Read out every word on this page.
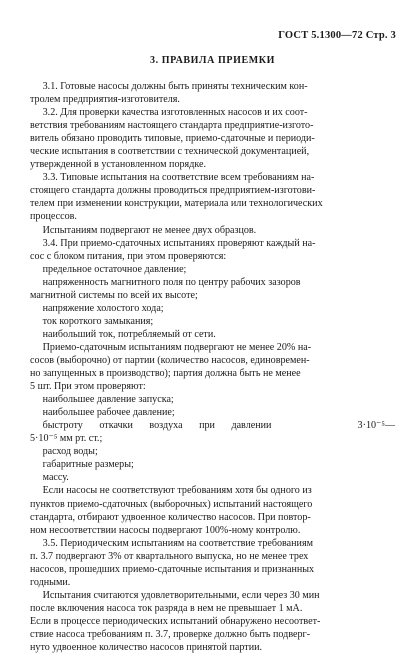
ГОСТ 5.1300—72 Стр. 3
3. ПРАВИЛА ПРИЕМКИ
3.1. Готовые насосы должны быть приняты техническим кон-
тролем предприятия-изготовителя.
3.2. Для проверки качества изготовленных насосов и их соот-
ветствия требованиям настоящего стандарта предприятие-изгото-
витель обязано проводить типовые, приемо-сдаточные и периоди-
ческие испытания в соответствии с технической документацией,
утвержденной в установленном порядке.
3.3. Типовые испытания на соответствие всем требованиям на-
стоящего стандарта должны проводиться предприятием-изготови-
телем при изменении конструкции, материала или технологических
процессов.
Испытаниям подвергают не менее двух образцов.
3.4. При приемо-сдаточных испытаниях проверяют каждый на-
сос с блоком питания, при этом проверяются:
предельное остаточное давление;
напряженность магнитного поля по центру рабочих зазоров
магнитной системы по всей их высоте;
напряжение холостого хода;
ток короткого замыкания;
наибольший ток, потребляемый от сети.
Приемо-сдаточным испытаниям подвергают не менее 20% на-
сосов (выборочно) от партии (количество насосов, единовремен-
но запущенных в производство); партия должна быть не менее
5 шт. При этом проверяют:
наибольшее давление запуска;
наибольшее рабочее давление;
быстроту откачки воздуха при давлении	3·10⁻⁵—
5·10⁻⁵ мм рт. ст.;
расход воды;
габаритные размеры;
массу.
Если насосы не соответствуют требованиям хотя бы одного из
пунктов приемо-сдаточных (выборочных) испытаний настоящего
стандарта, отбирают удвоенное количество насосов. При повтор-
ном несоответствии насосы подвергают 100%-ному контролю.
3.5. Периодическим испытаниям на соответствие требованиям
п. 3.7 подвергают 3% от квартального выпуска, но не менее трех
насосов, прошедших приемо-сдаточные испытания и признанных
годными.
Испытания считаются удовлетворительными, если через 30 мин
после включения насоса ток разряда в нем не превышает 1 мА.
Если в процессе периодических испытаний обнаружено несоответ-
ствие насоса требованиям п. 3.7, проверке должно быть подверг-
нуто удвоенное количество насосов принятой партии.
